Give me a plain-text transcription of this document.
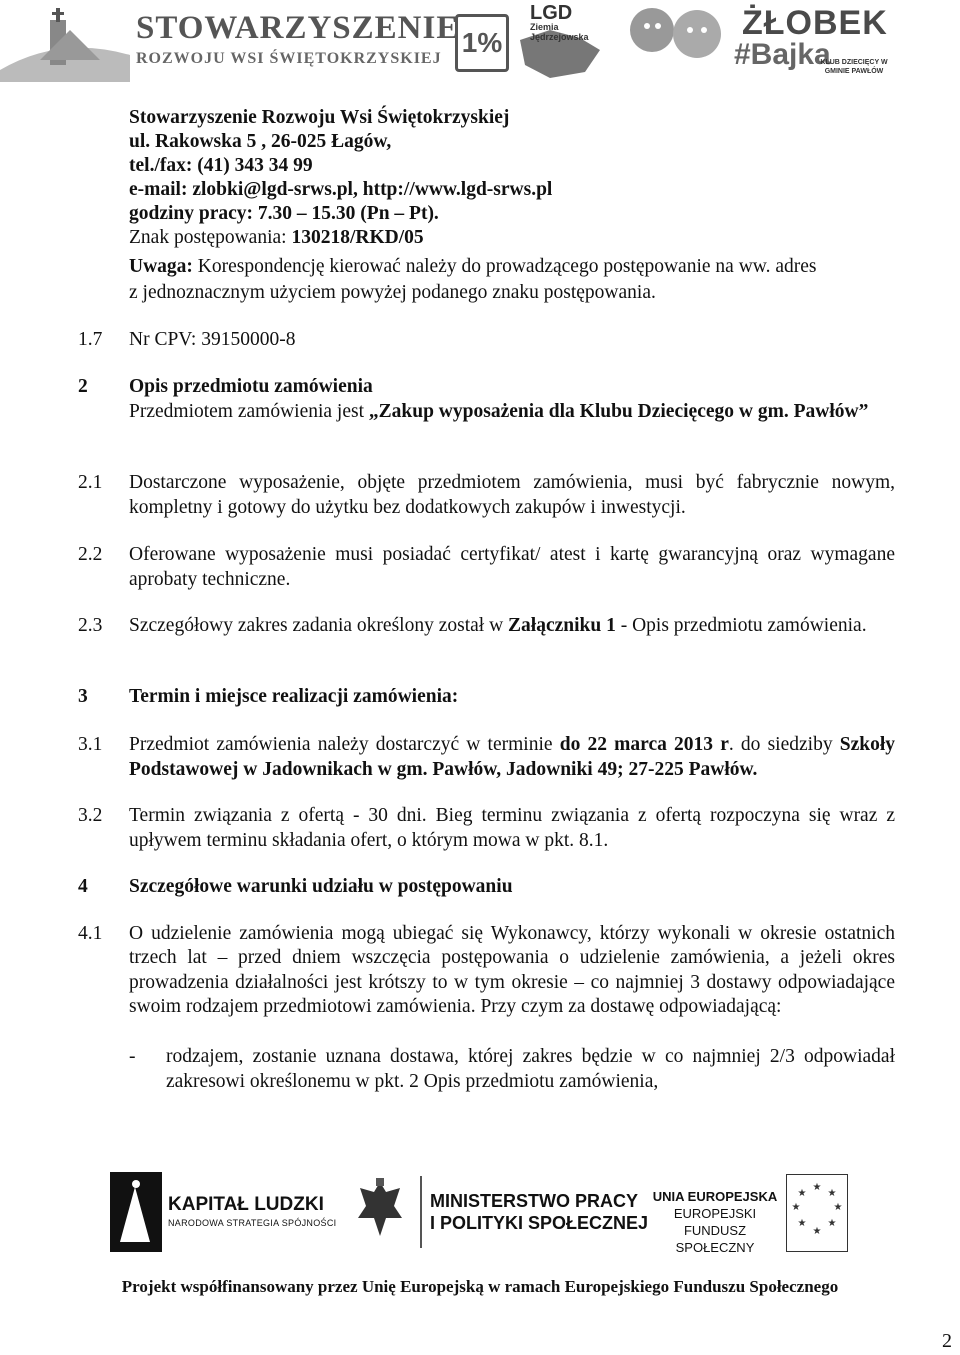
STOWARZYSZENIE
ROZWOJU WSI ŚWIĘTOKRZYSKIEJ
1%
LGD
Ziemia Jędrzejowska	ŻŁOBEK
#Bajka
KLUB DZIECIĘCY W GMINIE PAWŁÓW
Stowarzyszenie Rozwoju Wsi Świętokrzyskiej
ul. Rakowska 5 , 26-025 Łagów,
tel./fax: (41) 343 34 99
e-mail: zlobki@lgd-srws.pl, http://www.lgd-srws.pl
godziny pracy: 7.30 – 15.30 (Pn – Pt).
Znak postępowania: 130218/RKD/05
Uwaga: Korespondencję kierować należy do prowadzącego postępowanie na ww. adres
z jednoznacznym użyciem powyżej podanego znaku postępowania.
1.7 Nr CPV: 39150000-8
2 Opis przedmiotu zamówienia
Przedmiotem zamówienia jest „Zakup wyposażenia dla Klubu Dziecięcego w gm. Pawłów”
2.1 Dostarczone wyposażenie, objęte przedmiotem zamówienia, musi być fabrycznie nowym, kompletny i gotowy do użytku bez dodatkowych zakupów i inwestycji.
2.2 Oferowane wyposażenie musi posiadać certyfikat/ atest i kartę gwarancyjną oraz wymagane aprobaty techniczne.
2.3 Szczegółowy zakres zadania określony został w Załączniku 1 - Opis przedmiotu zamówienia.
3 Termin i miejsce realizacji zamówienia:
3.1 Przedmiot zamówienia należy dostarczyć w terminie do 22 marca 2013 r. do siedziby Szkoły Podstawowej w Jadownikach w gm. Pawłów, Jadowniki 49; 27-225 Pawłów.
3.2 Termin związania z ofertą - 30 dni. Bieg terminu związania z ofertą rozpoczyna się wraz z upływem terminu składania ofert, o którym mowa w pkt. 8.1.
4 Szczegółowe warunki udziału w postępowaniu
4.1 O udzielenie zamówienia mogą ubiegać się Wykonawcy, którzy wykonali w okresie ostatnich trzech lat – przed dniem wszczęcia postępowania o udzielenie zamówienia, a jeżeli okres prowadzenia działalności jest krótszy to w tym okresie – co najmniej 3 dostawy odpowiadające swoim rodzajem przedmiotowi zamówienia. Przy czym za dostawę odpowiadającą:
- rodzajem, zostanie uznana dostawa, której zakres będzie w co najmniej 2/3 odpowiadał zakresowi określonemu w pkt. 2 Opis przedmiotu zamówienia,
KAPITAŁ LUDZKI
NARODOWA STRATEGIA SPÓJNOŚCI
MINISTERSTWO PRACY
I POLITYKI SPOŁECZNEJ
UNIA EUROPEJSKA
EUROPEJSKI
FUNDUSZ SPOŁECZNY
★
★
★
★
★
★
★
★
Projekt współfinansowany przez Unię Europejską w ramach Europejskiego Funduszu Społecznego
2
